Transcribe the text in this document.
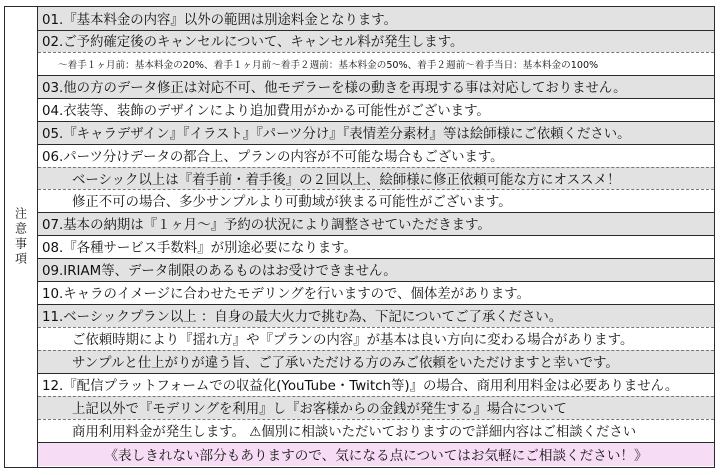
注意事項
01.『基本料金の内容』以外の範囲は別途料金となります。
02.ご予約確定後のキャンセルについて、キャンセル料が発生します。
～着手１ヶ月前：基本料金の20%、着手１ヶ月前～着手２週前：基本料金の50%、着手２週前～着手当日：基本料金の100%
03.他の方のデータ修正は対応不可、他モデラーを様の動きを再現する事は対応しておりません。
04.衣装等、装飾のデザインにより追加費用がかかる可能性がございます。
05.『キャラデザイン』『イラスト』『パーツ分け』『表情差分素材』等は絵師様にご依頼ください。
06.パーツ分けデータの都合上、プランの内容が不可能な場合もございます。
ベーシック以上は『着手前・着手後』の２回以上、絵師様に修正依頼可能な方にオススメ！
修正不可の場合、多少サンプルより可動域が狭まる可能性がございます。
07.基本の納期は『１ヶ月～』予約の状況により調整させていただきます。
08.『各種サービス手数料』が別途必要になります。
09.IRIAM等、データ制限のあるものはお受けできません。
10.キャラのイメージに合わせたモデリングを行いますので、個体差があります。
11.ベーシックプラン以上 ：自身の最大火力で挑む為、下記についてご了承ください。
ご依頼時期により『揺れ方』や『プランの内容』が基本は良い方向に変わる場合があります。
サンプルと仕上がりが違う旨、ご了承いただける方のみご依頼をいただけますと幸いです。
12.『配信プラットフォームでの収益化(YouTube・Twitch等)』の場合、商用利用料金は必要ありません。
上記以外で『モデリングを利用』し『お客様からの金銭が発生する』場合について
商用利用料金が発生します。 ⚠個別に相談いただいておりますので詳細内容はご相談ください
《表しきれない部分もありますので、気になる点についてはお気軽にご相談ください！》
